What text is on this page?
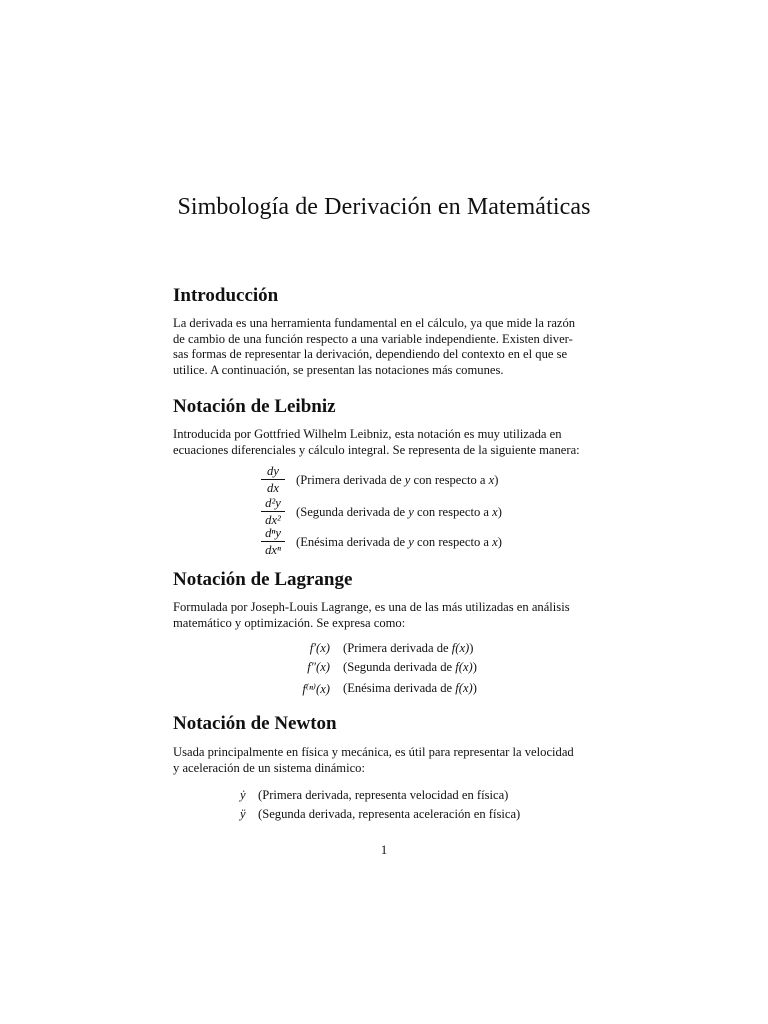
Simbología de Derivación en Matemáticas
Introducción
La derivada es una herramienta fundamental en el cálculo, ya que mide la razón
de cambio de una función respecto a una variable independiente. Existen diver-
sas formas de representar la derivación, dependiendo del contexto en el que se
utilice. A continuación, se presentan las notaciones más comunes.
Notación de Leibniz
Introducida por Gottfried Wilhelm Leibniz, esta notación es muy utilizada en
ecuaciones diferenciales y cálculo integral. Se representa de la siguiente manera:
dy
dx
(Primera derivada de y con respecto a x)
d²y
dx²
(Segunda derivada de y con respecto a x)
dⁿy
dxⁿ
(Enésima derivada de y con respecto a x)
Notación de Lagrange
Formulada por Joseph-Louis Lagrange, es una de las más utilizadas en análisis
matemático y optimización. Se expresa como:
f′(x) (Primera derivada de f(x))
f″(x) (Segunda derivada de f(x))
f⁽ⁿ⁾(x) (Enésima derivada de f(x))
Notación de Newton
Usada principalmente en física y mecánica, es útil para representar la velocidad
y aceleración de un sistema dinámico:
ẏ (Primera derivada, representa velocidad en física)
ÿ (Segunda derivada, representa aceleración en física)
1
